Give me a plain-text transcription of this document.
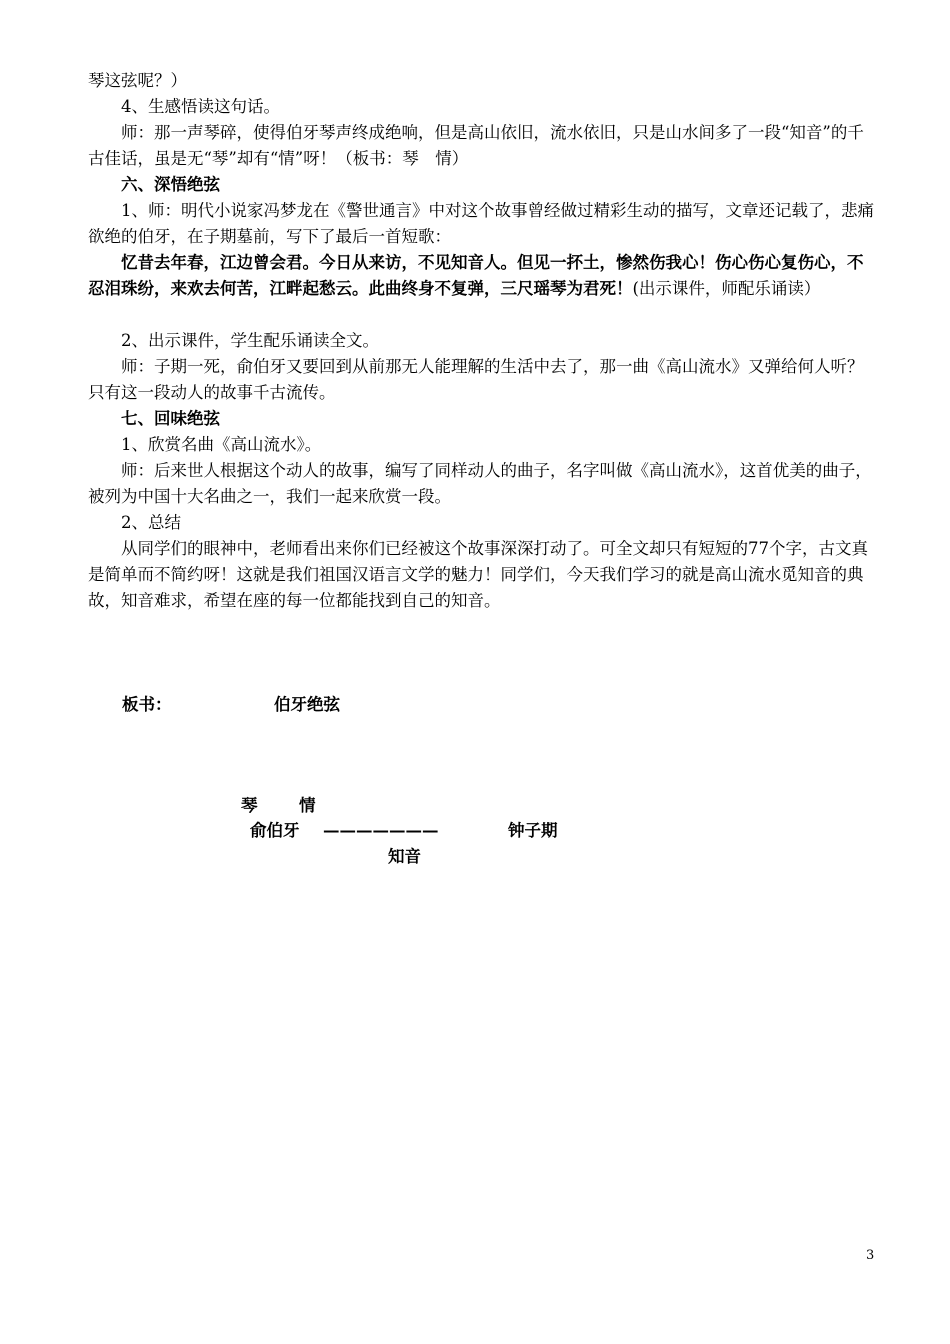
琴这弦呢？）

4、生感悟读这句话。

师：那一声琴碎，使得伯牙琴声终成绝响，但是高山依旧，流水依旧，只是山水间多了一段“知音”的千古佳话，虽是无“琴”却有“情”呀！（板书：琴　情）

六、深悟绝弦

1、师：明代小说家冯梦龙在《警世通言》中对这个故事曾经做过精彩生动的描写，文章还记载了，悲痛欲绝的伯牙，在子期墓前，写下了最后一首短歌：

忆昔去年春，江边曾会君。今日从来访，不见知音人。但见一抔土，惨然伤我心！伤心伤心复伤心，不忍泪珠纷，来欢去何苦，江畔起愁云。此曲终身不复弹，三尺瑶琴为君死！(出示课件，师配乐诵读）

2、出示课件，学生配乐诵读全文。

师：子期一死，俞伯牙又要回到从前那无人能理解的生活中去了，那一曲《高山流水》又弹给何人听？只有这一段动人的故事千古流传。

七、回味绝弦

1、欣赏名曲《高山流水》。

师：后来世人根据这个动人的故事，编写了同样动人的曲子，名字叫做《高山流水》，这首优美的曲子，被列为中国十大名曲之一，我们一起来欣赏一段。

2、总结

从同学们的眼神中，老师看出来你们已经被这个故事深深打动了。可全文却只有短短的77个字，古文真是简单而不简约呀！这就是我们祖国汉语言文学的魅力！同学们，今天我们学习的就是高山流水觅知音的典故，知音难求，希望在座的每一位都能找到自己的知音。

板书：	伯牙绝弦
琴	情
俞伯牙 ———————	钟子期
知音
3
